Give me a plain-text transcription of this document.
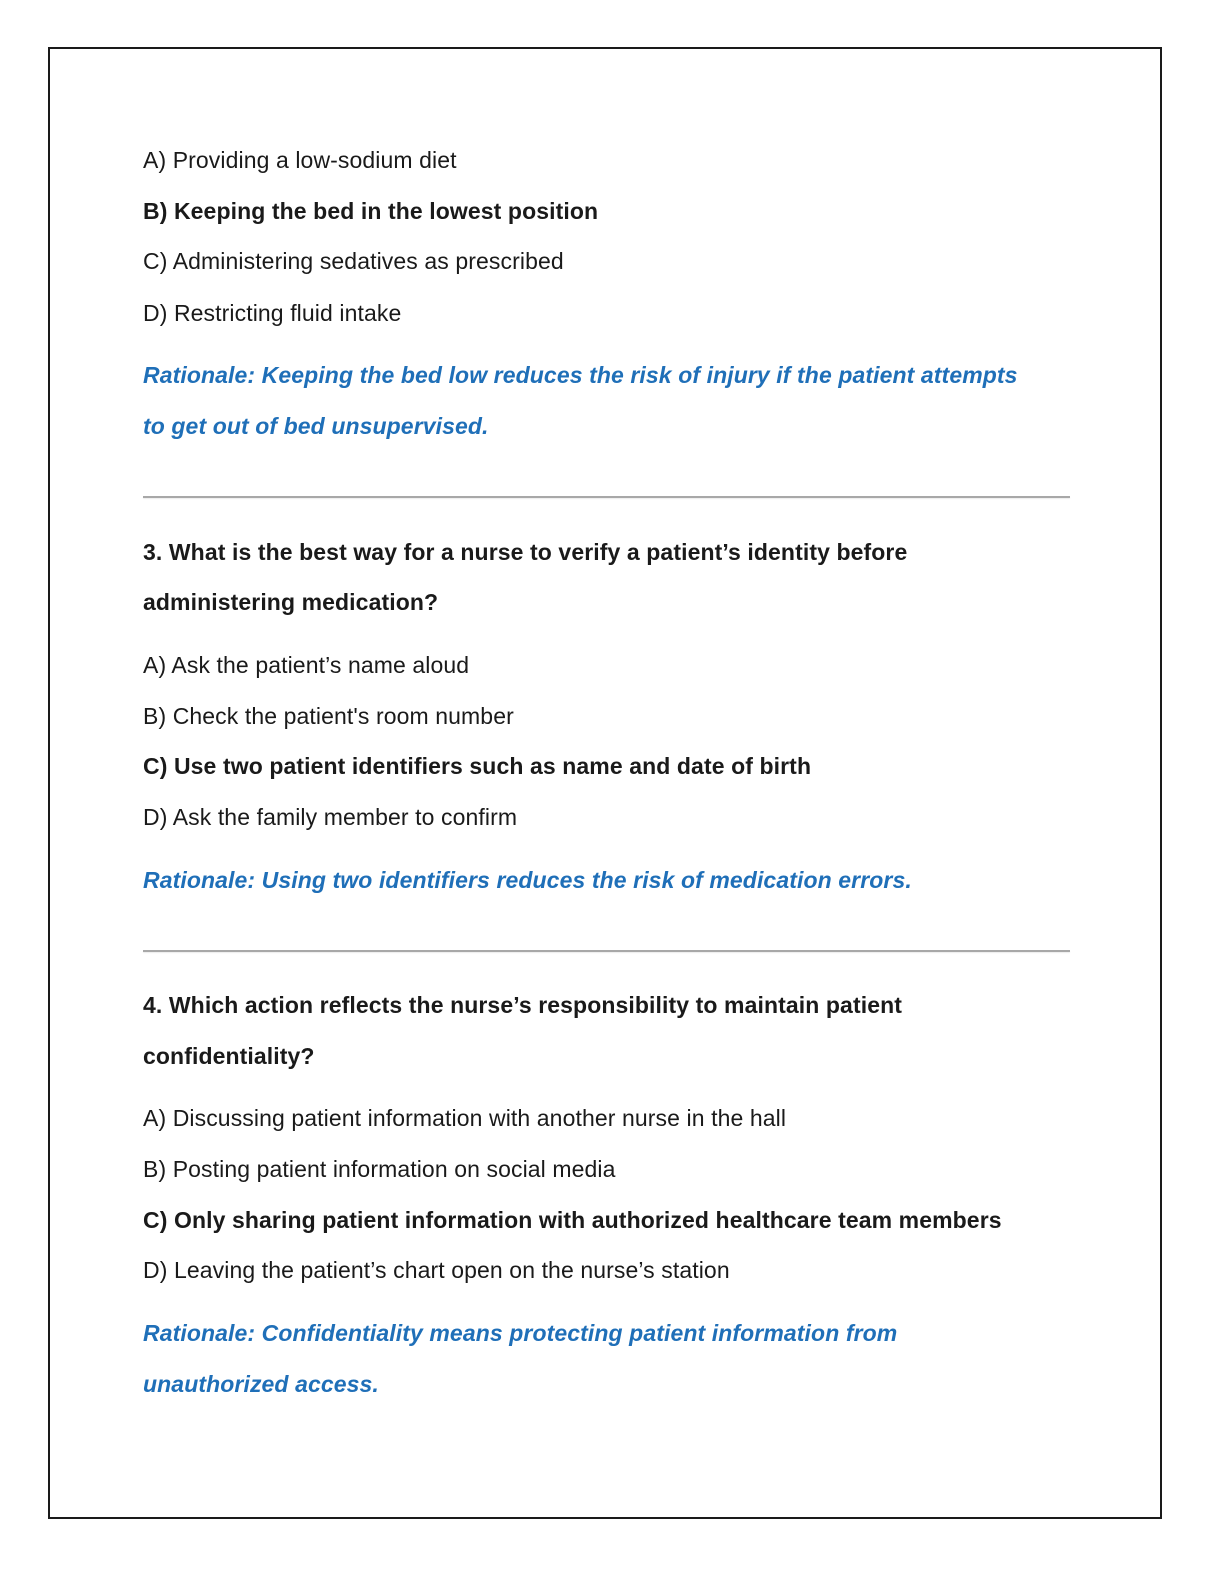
A) Providing a low-sodium diet
B) Keeping the bed in the lowest position
C) Administering sedatives as prescribed
D) Restricting fluid intake
Rationale: Keeping the bed low reduces the risk of injury if the patient attempts
to get out of bed unsupervised.
3. What is the best way for a nurse to verify a patient’s identity before
administering medication?
A) Ask the patient’s name aloud
B) Check the patient's room number
C) Use two patient identifiers such as name and date of birth
D) Ask the family member to confirm
Rationale: Using two identifiers reduces the risk of medication errors.
4. Which action reflects the nurse’s responsibility to maintain patient
confidentiality?
A) Discussing patient information with another nurse in the hall
B) Posting patient information on social media
C) Only sharing patient information with authorized healthcare team members
D) Leaving the patient’s chart open on the nurse’s station
Rationale: Confidentiality means protecting patient information from
unauthorized access.
